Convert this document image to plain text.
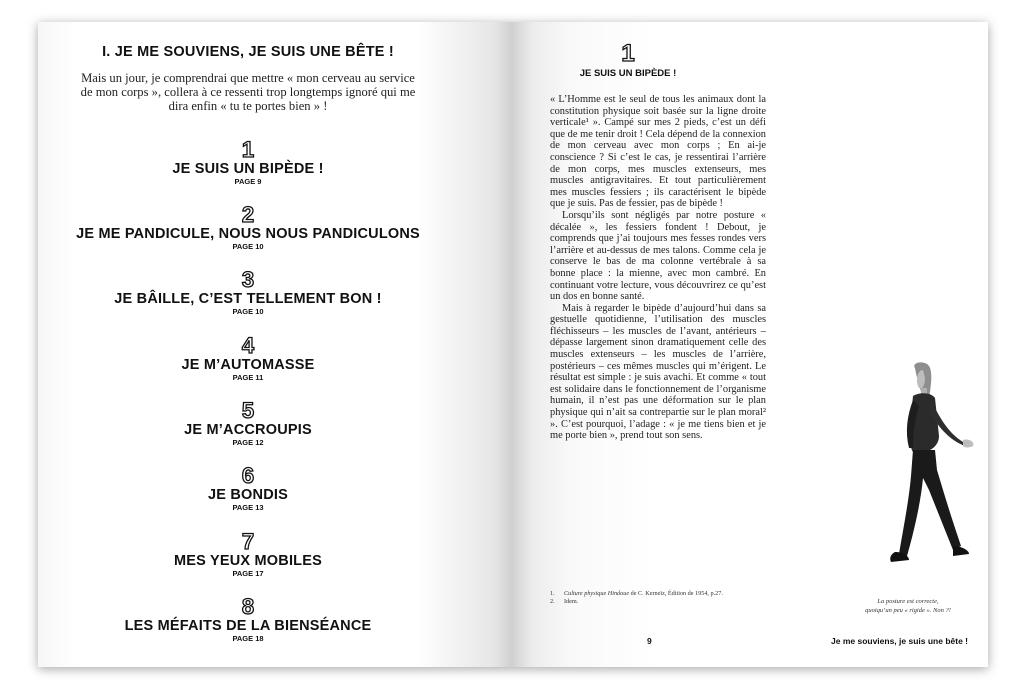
I. JE ME SOUVIENS, JE SUIS UNE BÊTE !
Mais un jour, je comprendrai que mettre « mon cerveau au service de mon corps », collera à ce ressenti trop longtemps ignoré qui me dira enfin « tu te portes bien » !
1
JE SUIS UN BIPÈDE !
PAGE 9
2
JE ME PANDICULE, NOUS NOUS PANDICULONS
PAGE 10
3
JE BÂILLE, C’EST TELLEMENT BON !
PAGE 10
4
JE M’AUTOMASSE
PAGE 11
5
JE M’ACCROUPIS
PAGE 12
6
JE BONDIS
PAGE 13
7
MES YEUX MOBILES
PAGE 17
8
LES MÉFAITS DE LA BIENSÉANCE
PAGE 18
1
JE SUIS UN BIPÈDE !

« L’Homme est le seul de tous les animaux dont la constitution physique soit basée sur la ligne droite verticale¹ ». Campé sur mes 2 pieds, c’est un défi que de me tenir droit ! Cela dépend de la connexion de mon cerveau avec mon corps ; En ai-je conscience ? Si c’est le cas, je ressentirai l’arrière de mon corps, mes muscles extenseurs, mes muscles antigravitaires. Et tout particulièrement mes muscles fessiers ; ils caractérisent le bipède que je suis. Pas de fessier, pas de bipède !

Lorsqu’ils sont négligés par notre posture « décalée », les fessiers fondent ! Debout, je comprends que j’ai toujours mes fesses rondes vers l’arrière et au-dessus de mes talons. Comme cela je conserve le bas de ma colonne vertébrale à sa bonne place : la mienne, avec mon cambré. En continuant votre lecture, vous découvrirez ce qu’est un dos en bonne santé.

Mais à regarder le bipède d’aujourd’hui dans sa gestuelle quotidienne, l’utilisation des muscles fléchisseurs – les muscles de l’avant, antérieurs – dépasse largement sinon dramatiquement celle des muscles extenseurs – les muscles de l’arrière, postérieurs – ces mêmes muscles qui m’érigent. Le résultat est simple : je suis avachi. Et comme « tout est solidaire dans le fonctionnement de l’organisme humain, il n’est pas une déformation sur le plan physique qui n’ait sa contrepartie sur le plan moral² ». C’est pourquoi, l’adage : « je me tiens bien et je me porte bien », prend tout son sens.

1. Culture physique Hindoue de C. Kerneïz, Édition de 1954, p.27.
2. Idem.	La posture est correcte,
quoiqu’un peu « rigide ». Non ?!
9	Je me souviens, je suis une bête !
